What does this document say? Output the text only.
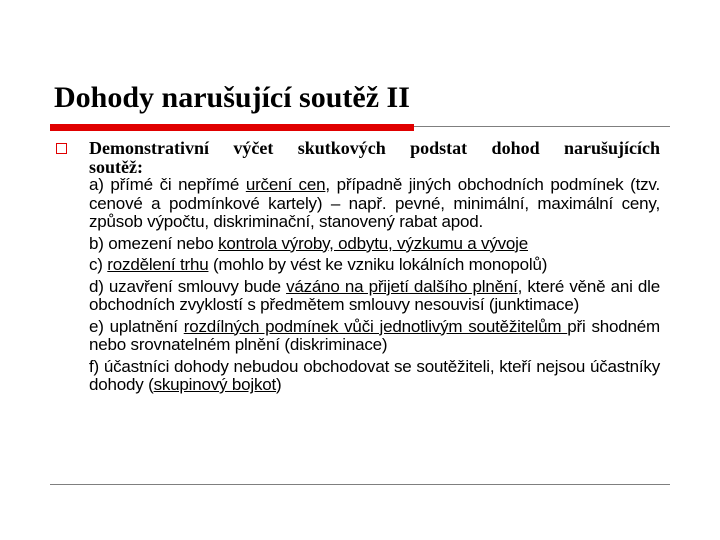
Dohody narušující soutěž II
Demonstrativní výčet skutkových podstat dohod narušujících
soutěž:

a) přímé či nepřímé určení cen, případně jiných obchodních podmínek (tzv. cenové a podmínkové kartely) – např. pevné, minimální, maximální ceny, způsob výpočtu, diskriminační, stanovený rabat apod.

b) omezení nebo kontrola výroby, odbytu, výzkumu a vývoje

c) rozdělení trhu (mohlo by vést ke vzniku lokálních monopolů)

d) uzavření smlouvy bude vázáno na přijetí dalšího plnění, které věně ani dle obchodních zvyklostí s předmětem smlouvy nesouvisí (junktimace)

e) uplatnění rozdílných podmínek vůči jednotlivým soutěžitelům při shodném nebo srovnatelném plnění (diskriminace)

f) účastníci dohody nebudou obchodovat se soutěžiteli, kteří nejsou účastníky dohody (skupinový bojkot)
